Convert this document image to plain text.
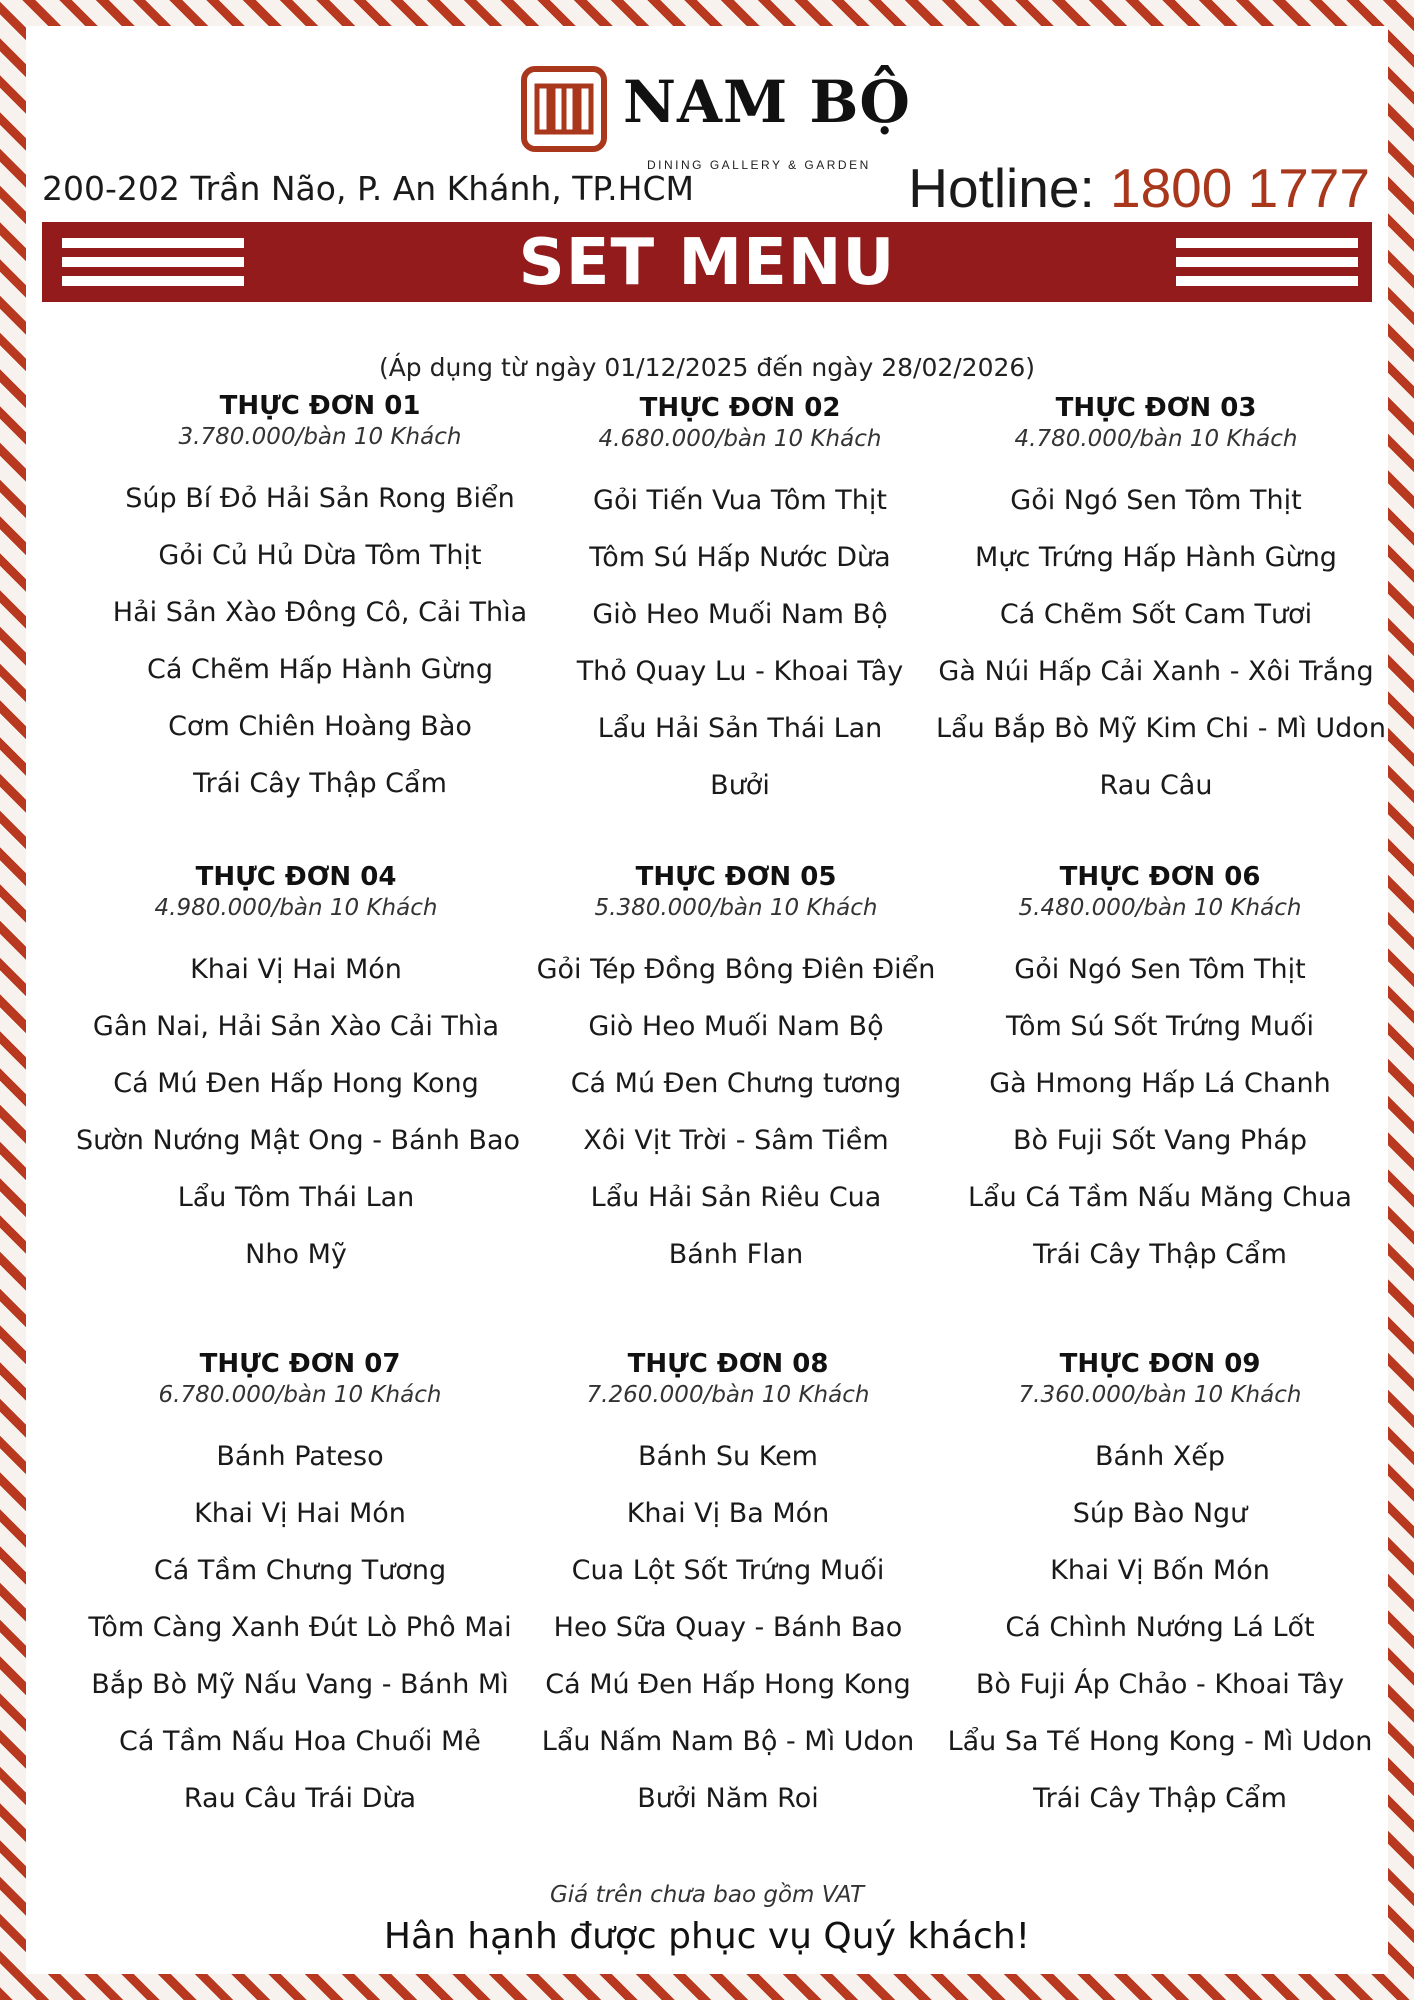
NAM BỘ
DINING GALLERY & GARDEN
200-202 Trần Não, P. An Khánh, TP.HCM	Hotline: 1800 1777
SET MENU
(Áp dụng từ ngày 01/12/2025 đến ngày 28/02/2026)
THỰC ĐƠN 01
3.780.000/bàn 10 Khách
Súp Bí Đỏ Hải Sản Rong Biển
Gỏi Củ Hủ Dừa Tôm Thịt
Hải Sản Xào Đông Cô, Cải Thìa
Cá Chẽm Hấp Hành Gừng
Cơm Chiên Hoàng Bào
Trái Cây Thập Cẩm
THỰC ĐƠN 02
4.680.000/bàn 10 Khách
Gỏi Tiến Vua Tôm Thịt
Tôm Sú Hấp Nước Dừa
Giò Heo Muối Nam Bộ
Thỏ Quay Lu - Khoai Tây
Lẩu Hải Sản Thái Lan
Bưởi
THỰC ĐƠN 03
4.780.000/bàn 10 Khách
Gỏi Ngó Sen Tôm Thịt
Mực Trứng Hấp Hành Gừng
Cá Chẽm Sốt Cam Tươi
Gà Núi Hấp Cải Xanh - Xôi Trắng
Lẩu Bắp Bò Mỹ Kim Chi - Mì Udon
Rau Câu
THỰC ĐƠN 04
4.980.000/bàn 10 Khách
Khai Vị Hai Món
Gân Nai, Hải Sản Xào Cải Thìa
Cá Mú Đen Hấp Hong Kong
Sườn Nướng Mật Ong - Bánh Bao
Lẩu Tôm Thái Lan
Nho Mỹ
THỰC ĐƠN 05
5.380.000/bàn 10 Khách
Gỏi Tép Đồng Bông Điên Điển
Giò Heo Muối Nam Bộ
Cá Mú Đen Chưng tương
Xôi Vịt Trời - Sâm Tiềm
Lẩu Hải Sản Riêu Cua
Bánh Flan
THỰC ĐƠN 06
5.480.000/bàn 10 Khách
Gỏi Ngó Sen Tôm Thịt
Tôm Sú Sốt Trứng Muối
Gà Hmong Hấp Lá Chanh
Bò Fuji Sốt Vang Pháp
Lẩu Cá Tầm Nấu Măng Chua
Trái Cây Thập Cẩm
THỰC ĐƠN 07
6.780.000/bàn 10 Khách
Bánh Pateso
Khai Vị Hai Món
Cá Tầm Chưng Tương
Tôm Càng Xanh Đút Lò Phô Mai
Bắp Bò Mỹ Nấu Vang - Bánh Mì
Cá Tầm Nấu Hoa Chuối Mẻ
Rau Câu Trái Dừa
THỰC ĐƠN 08
7.260.000/bàn 10 Khách
Bánh Su Kem
Khai Vị Ba Món
Cua Lột Sốt Trứng Muối
Heo Sữa Quay - Bánh Bao
Cá Mú Đen Hấp Hong Kong
Lẩu Nấm Nam Bộ - Mì Udon
Bưởi Năm Roi
THỰC ĐƠN 09
7.360.000/bàn 10 Khách
Bánh Xếp
Súp Bào Ngư
Khai Vị Bốn Món
Cá Chình Nướng Lá Lốt
Bò Fuji Áp Chảo - Khoai Tây
Lẩu Sa Tế Hong Kong - Mì Udon
Trái Cây Thập Cẩm
Giá trên chưa bao gồm VAT
Hân hạnh được phục vụ Quý khách!
